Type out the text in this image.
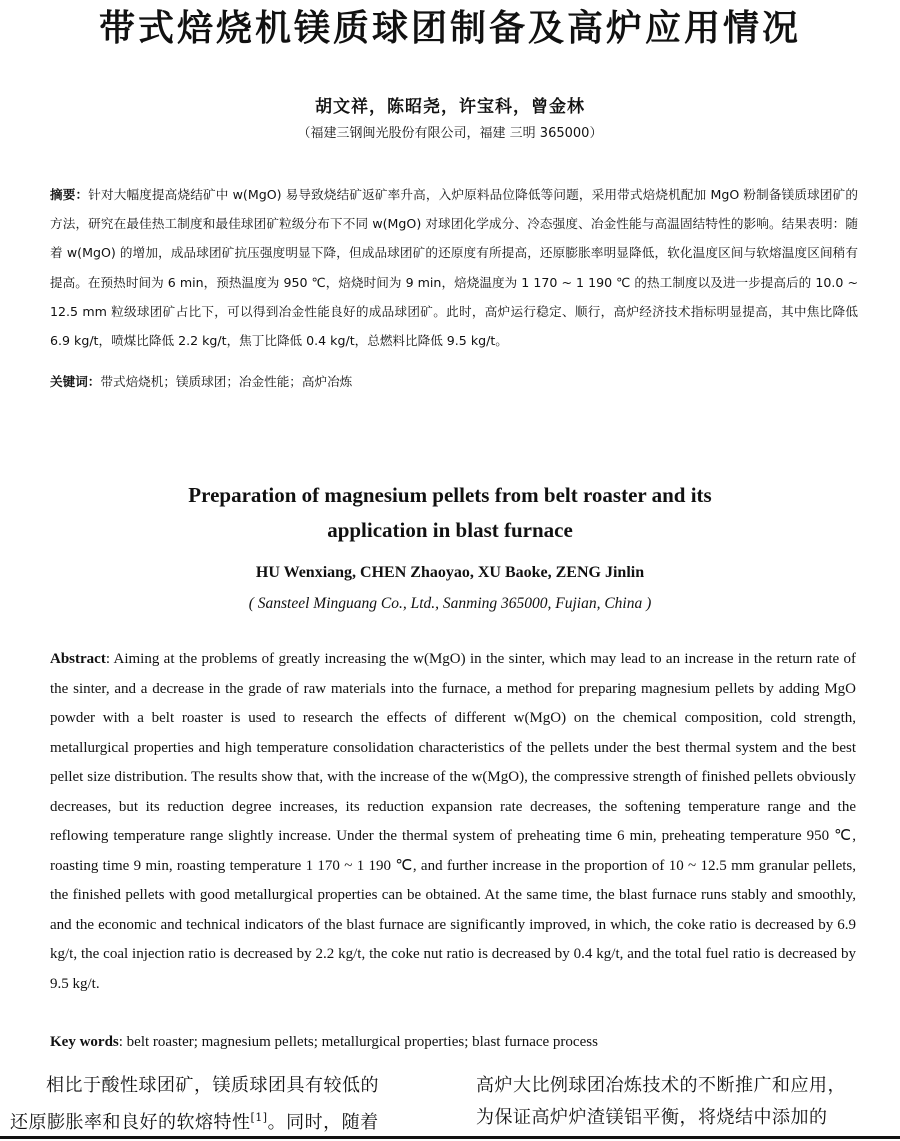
带式焙烧机镁质球团制备及高炉应用情况
胡文祥，陈昭尧，许宝科，曾金林
（福建三钢闽光股份有限公司，福建 三明 365000）
摘要：针对大幅度提高烧结矿中 w(MgO) 易导致烧结矿返矿率升高，入炉原料品位降低等问题，采用带式焙烧机配加 MgO 粉制备镁质球团矿的方法，研究在最佳热工制度和最佳球团矿粒级分布下不同 w(MgO) 对球团化学成分、冷态强度、冶金性能与高温固结特性的影响。结果表明：随着 w(MgO) 的增加，成品球团矿抗压强度明显下降，但成品球团矿的还原度有所提高，还原膨胀率明显降低，软化温度区间与软熔温度区间稍有提高。在预热时间为 6 min，预热温度为 950 ℃，焙烧时间为 9 min，焙烧温度为 1 170 ~ 1 190 ℃ 的热工制度以及进一步提高后的 10.0 ~ 12.5 mm 粒级球团矿占比下，可以得到冶金性能良好的成品球团矿。此时，高炉运行稳定、顺行，高炉经济技术指标明显提高，其中焦比降低 6.9 kg/t，喷煤比降低 2.2 kg/t，焦丁比降低 0.4 kg/t，总燃料比降低 9.5 kg/t。
关键词：带式焙烧机；镁质球团；冶金性能；高炉冶炼
Preparation of magnesium pellets from belt roaster and its
application in blast furnace
HU Wenxiang, CHEN Zhaoyao, XU Baoke, ZENG Jinlin
( Sansteel Minguang Co., Ltd., Sanming 365000, Fujian, China )
Abstract: Aiming at the problems of greatly increasing the w(MgO) in the sinter, which may lead to an increase in the return rate of the sinter, and a decrease in the grade of raw materials into the furnace, a method for preparing magnesium pellets by adding MgO powder with a belt roaster is used to research the effects of different w(MgO) on the chemical composition, cold strength, metallurgical properties and high temperature consolidation characteristics of the pellets under the best thermal system and the best pellet size distribution. The results show that, with the increase of the w(MgO), the compressive strength of finished pellets obviously decreases, but its reduction degree increases, its reduction expansion rate decreases, the softening temperature range and the reflowing temperature range slightly increase. Under the thermal system of preheating time 6 min, preheating temperature 950 ℃, roasting time 9 min, roasting temperature 1 170 ~ 1 190 ℃, and further increase in the proportion of 10 ~ 12.5 mm granular pellets, the finished pellets with good metallurgical properties can be obtained. At the same time, the blast furnace runs stably and smoothly, and the economic and technical indicators of the blast furnace are significantly improved, in which, the coke ratio is decreased by 6.9 kg/t, the coal injection ratio is decreased by 2.2 kg/t, the coke nut ratio is decreased by 0.4 kg/t, and the total fuel ratio is decreased by 9.5 kg/t.
Key words: belt roaster; magnesium pellets; metallurgical properties; blast furnace process
相比于酸性球团矿，镁质球团具有较低的
还原膨胀率和良好的软熔特性[1]。同时，随着
高炉大比例球团冶炼技术的不断推广和应用，
为保证高炉炉渣镁铝平衡，将烧结中添加的
